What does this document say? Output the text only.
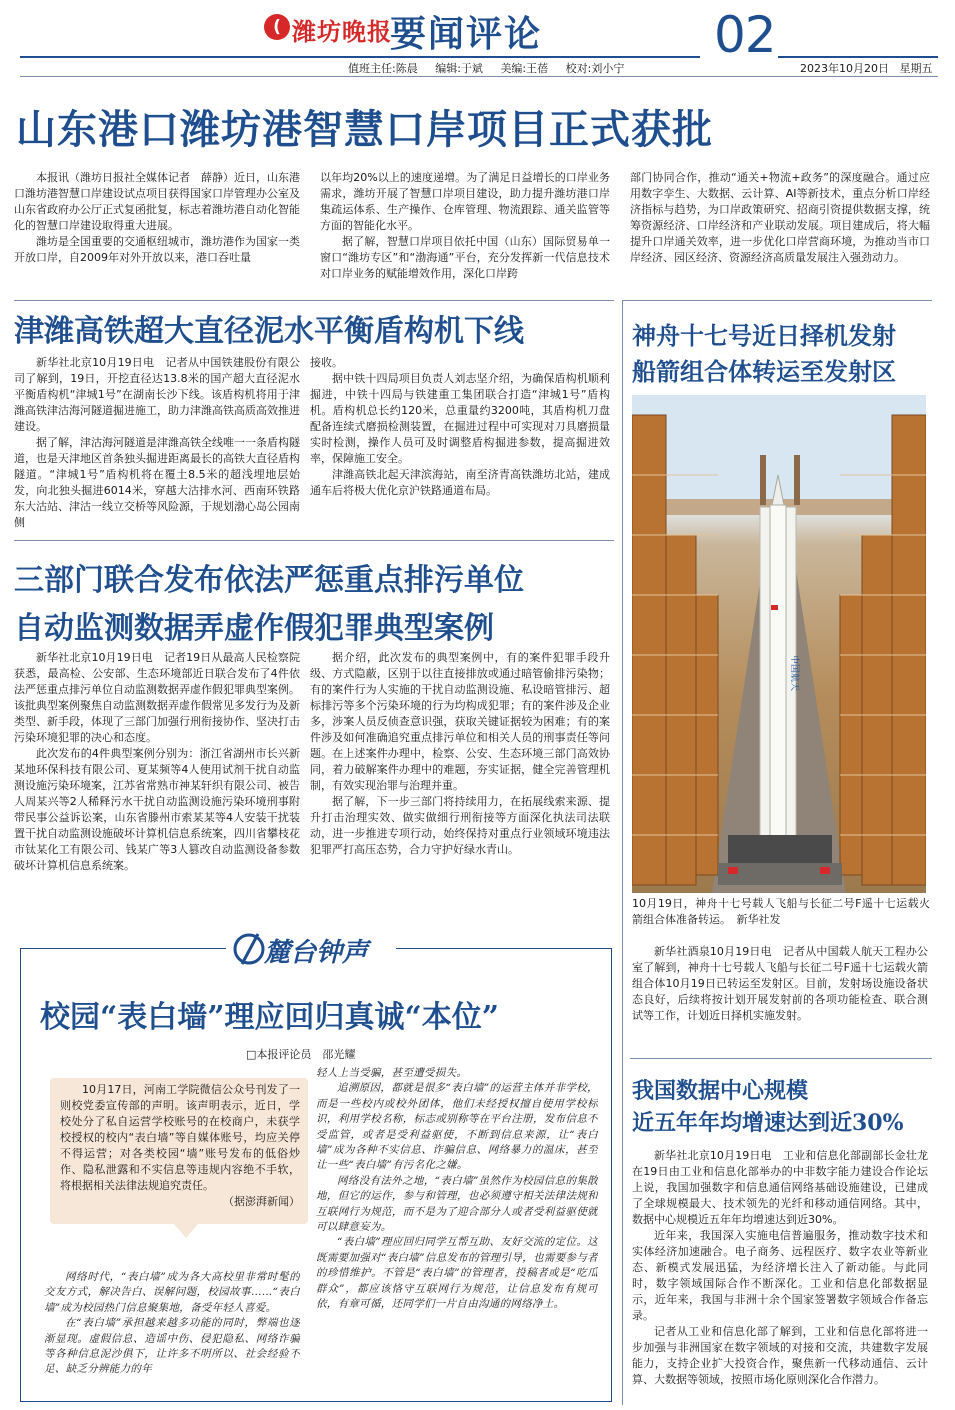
( 潍坊晚报
要闻评论	02
值班主任:陈晨 编辑:于斌 美编:王蓓 校对:刘小宁	2023年10月20日 星期五
山东港口潍坊港智慧口岸项目正式获批

本报讯（潍坊日报社全媒体记者　薛静）近日，山东港口潍坊港智慧口岸建设试点项目获得国家口岸管理办公室及山东省政府办公厅正式复函批复，标志着潍坊港自动化智能化的智慧口岸建设取得重大进展。

潍坊是全国重要的交通枢纽城市，潍坊港作为国家一类开放口岸，自2009年对外开放以来，港口吞吐量

以年均20%以上的速度递增。为了满足日益增长的口岸业务需求，潍坊开展了智慧口岸项目建设，助力提升潍坊港口岸集疏运体系、生产操作、仓库管理、物流跟踪、通关监管等方面的智能化水平。

据了解，智慧口岸项目依托中国（山东）国际贸易单一窗口“潍坊专区”和“渤海通”平台，充分发挥新一代信息技术对口岸业务的赋能增效作用，深化口岸跨

部门协同合作，推动“通关+物流+政务”的深度融合。通过应用数字孪生、大数据、云计算、AI等新技术，重点分析口岸经济指标与趋势，为口岸政策研究、招商引资提供数据支撑，统筹资源经济、口岸经济和产业联动发展。项目建成后，将大幅提升口岸通关效率，进一步优化口岸营商环境，为推动当市口岸经济、园区经济、资源经济高质量发展注入强劲动力。

津潍高铁超大直径泥水平衡盾构机下线

新华社北京10月19日电　记者从中国铁建股份有限公司了解到，19日，开挖直径达13.8米的国产超大直径泥水平衡盾构机“津城1号”在湖南长沙下线。该盾构机将用于津潍高铁津沽海河隧道掘进施工，助力津潍高铁高质高效推进建设。

据了解，津沽海河隧道是津潍高铁全线唯一一条盾构隧道，也是天津地区首条独头掘进距离最长的高铁大直径盾构隧道。“津城1号”盾构机将在覆土8.5米的超浅埋地层始发，向北独头掘进6014米，穿越大沽排水河、西南环铁路东大沽站、津沽一线立交桥等风险源，于规划渤心岛公园南侧

接收。

据中铁十四局项目负责人刘志坚介绍，为确保盾构机顺利掘进，中铁十四局与铁建重工集团联合打造“津城1号”盾构机。盾构机总长约120米，总重量约3200吨，其盾构机刀盘配备连续式磨损检测装置，在掘进过程中可实现对刀具磨损量实时检测，操作人员可及时调整盾构掘进参数，提高掘进效率，保障施工安全。

津潍高铁北起天津滨海站，南至济青高铁潍坊北站，建成通车后将极大优化京沪铁路通道布局。

三部门联合发布依法严惩重点排污单位
自动监测数据弄虚作假犯罪典型案例

新华社北京10月19日电　记者19日从最高人民检察院获悉，最高检、公安部、生态环境部近日联合发布了4件依法严惩重点排污单位自动监测数据弄虚作假犯罪典型案例。该批典型案例聚焦自动监测数据弄虚作假常见多发行为及新类型、新手段，体现了三部门加强行刑衔接协作、坚决打击污染环境犯罪的决心和态度。

此次发布的4件典型案例分别为：浙江省湖州市长兴新某地环保科技有限公司、夏某频等4人使用试剂干扰自动监测设施污染环境案，江苏省常熟市神某轩织有限公司、被告人周某兴等2人稀释污水干扰自动监测设施污染环境刑事附带民事公益诉讼案，山东省滕州市索某某等4人安装干扰装置干扰自动监测设施破坏计算机信息系统案，四川省攀枝花市钛某化工有限公司、钱某广等3人篡改自动监测设备参数破坏计算机信息系统案。

据介绍，此次发布的典型案例中，有的案件犯罪手段升级、方式隐蔽，区别于以往直接排放或通过暗管偷排污染物；有的案件行为人实施的干扰自动监测设施、私设暗管排污、超标排污等多个污染环境的行为均构成犯罪；有的案件涉及企业多，涉案人员反侦查意识强，获取关键证据较为困难；有的案件涉及如何准确追究重点排污单位和相关人员的刑事责任等问题。在上述案件办理中，检察、公安、生态环境三部门高效协同，着力破解案件办理中的难题，夯实证据，健全完善管理机制，有效实现治罪与治理并重。

据了解，下一步三部门将持续用力，在拓展线索来源、提升打击治理实效、做实做细行刑衔接等方面深化执法司法联动，进一步推进专项行动，始终保持对重点行业领域环境违法犯罪严打高压态势，合力守护好绿水青山。

神舟十七号近日择机发射
船箭组合体转运至发射区
中国航天
10月19日，神舟十七号载人飞船与长征二号F遥十七运载火箭组合体准备转运。　新华社发

新华社酒泉10月19日电　记者从中国载人航天工程办公室了解到，神舟十七号载人飞船与长征二号F遥十七运载火箭组合体10月19日已转运至发射区。目前，发射场设施设备状态良好，后续将按计划开展发射前的各项功能检查、联合测试等工作，计划近日择机实施发射。

我国数据中心规模
近五年年均增速达到近30%

新华社北京10月19日电　工业和信息化部副部长金壮龙在19日由工业和信息化部举办的中非数字能力建设合作论坛上说，我国加强数字和信息通信网络基础设施建设，已建成了全球规模最大、技术领先的光纤和移动通信网络。其中，数据中心规模近五年年均增速达到近30%。

近年来，我国深入实施电信普遍服务，推动数字技术和实体经济加速融合。电子商务、远程医疗、数字农业等新业态、新模式发展迅猛，为经济增长注入了新动能。与此同时，数字领域国际合作不断深化。工业和信息化部数据显示，近年来，我国与非洲十余个国家签署数字领域合作备忘录。

记者从工业和信息化部了解到，工业和信息化部将进一步加强与非洲国家在数字领域的对接和交流，共建数字发展能力，支持企业扩大投资合作，聚焦新一代移动通信、云计算、大数据等领域，按照市场化原则深化合作潜力。

麓台钟声
校园“表白墙”理应回归真诚“本位”
□本报评论员　邵光耀

10月17日，河南工学院微信公众号刊发了一则校党委宣传部的声明。该声明表示，近日，学校处分了私自运营学校账号的在校商户，未获学校授权的校内“表白墙”等自媒体账号，均应关停不得运营；对各类校园“墙”账号发布的低俗炒作、隐私泄露和不实信息等违规内容绝不手软，将根据相关法律法规追究责任。

（据澎湃新闻）

网络时代，“表白墙”成为各大高校里非常时髦的交友方式，解决告白、误解问题，校园故事……“表白墙”成为校园热门信息聚集地，备受年轻人喜爱。

在“表白墙”承担越来越多功能的同时，弊端也逐渐显现。虚假信息、造谣中伤、侵犯隐私、网络诈骗等各种信息泥沙俱下，让许多不明所以、社会经验不足、缺乏分辨能力的年

轻人上当受骗，甚至遭受损失。

追溯原因，都就是很多“表白墙”的运营主体并非学校，而是一些校内或校外团体，他们未经授权擅自使用学校标识，利用学校名称，标志或别称等在平台注册，发布信息不受监管，或者是受利益驱使，不断到信息来源，让“表白墙”成为各种不实信息、诈骗信息、网络暴力的温床，甚至让一些“表白墙”有污名化之嫌。

网络没有法外之地，“表白墙”虽然作为校园信息的集散地，但它的运作，参与和管理，也必须遵守相关法律法规和互联网行为规范，而不是为了迎合部分人或者受利益驱使就可以肆意妄为。

“表白墙”理应回归同学互帮互助、友好交流的定位。这既需要加强对“表白墙”信息发布的管理引导，也需要参与者的珍惜维护。不管是“表白墙”的管理者，投稿者或是“吃瓜群众”，都应该恪守互联网行为规范，让信息发布有规可依，有章可循，还同学们一片自由沟通的网络净土。
